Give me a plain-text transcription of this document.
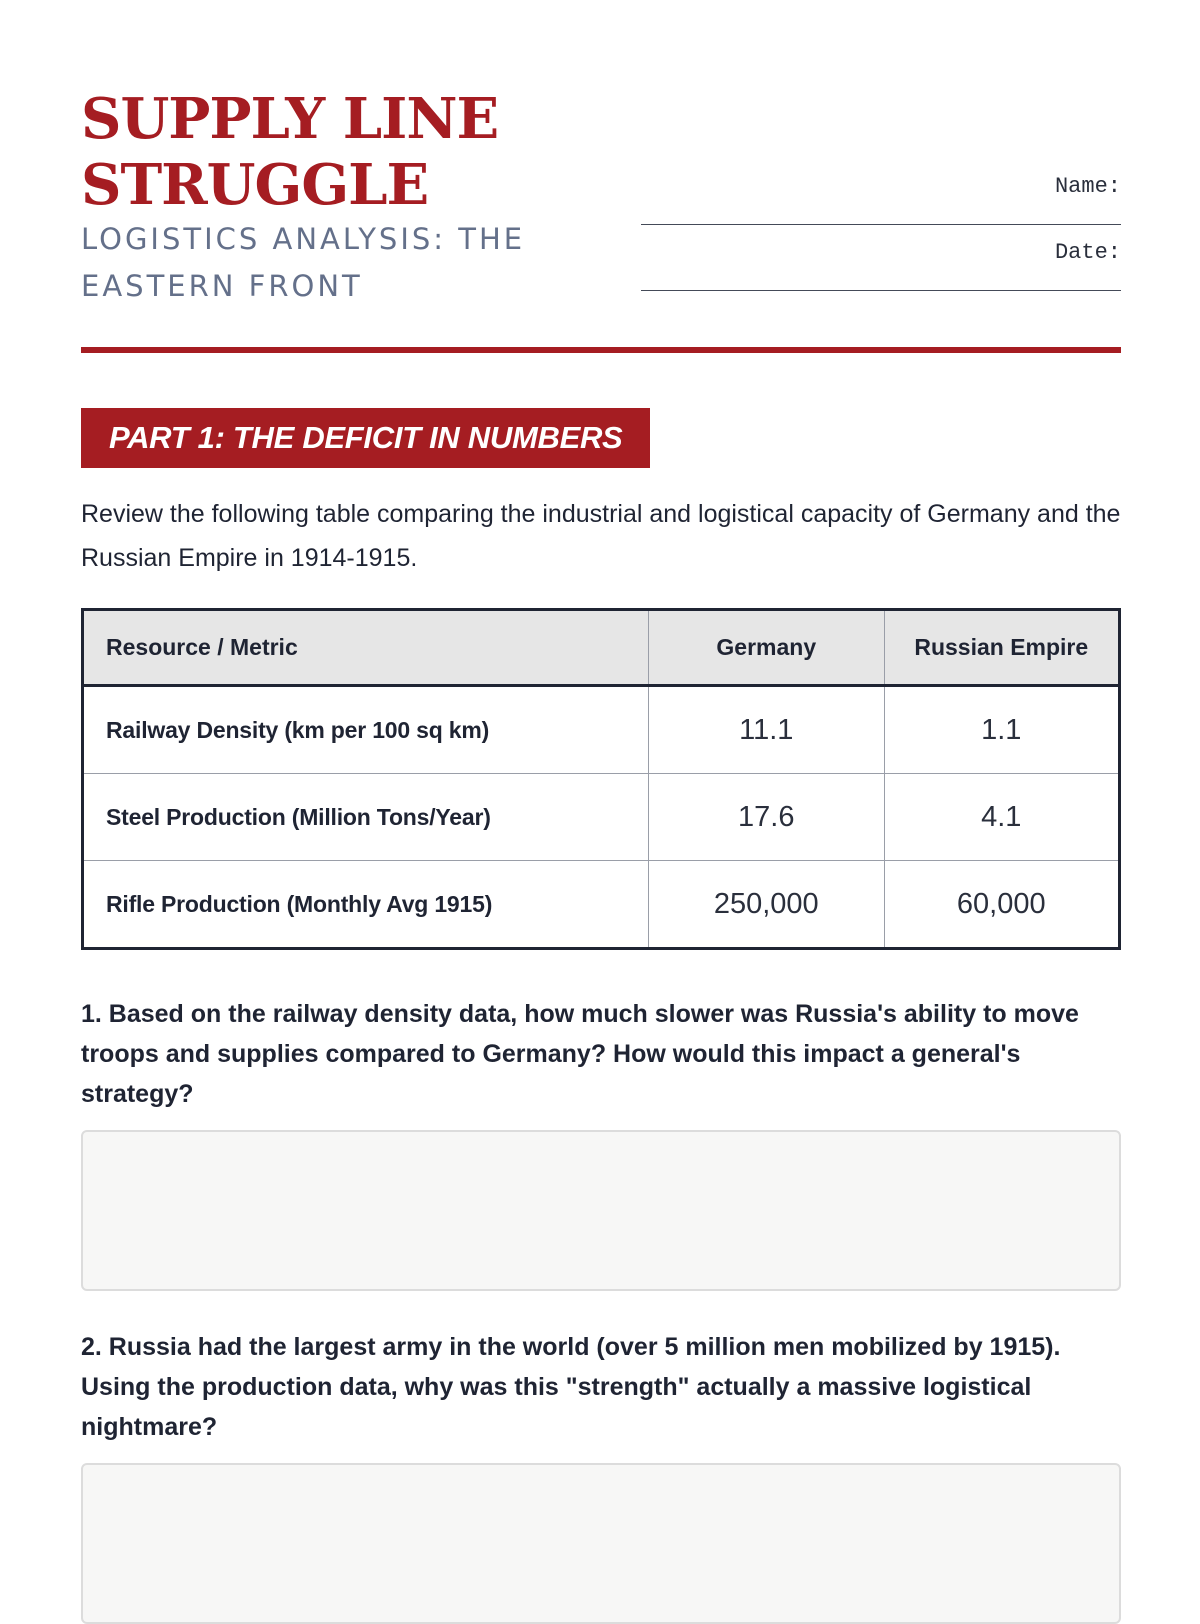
SUPPLY LINE
STRUGGLE
LOGISTICS ANALYSIS: THE EASTERN FRONT
Name:
Date:
PART 1: THE DEFICIT IN NUMBERS
Review the following table comparing the industrial and logistical capacity of Germany and the Russian Empire in 1914-1915.
Resource / Metric	Germany	Russian Empire
Railway Density (km per 100 sq km)	11.1	1.1
Steel Production (Million Tons/Year)	17.6	4.1
Rifle Production (Monthly Avg 1915)	250,000	60,000

1. Based on the railway density data, how much slower was Russia's ability to move troops and supplies compared to Germany? How would this impact a general's strategy?

2. Russia had the largest army in the world (over 5 million men mobilized by 1915). Using the production data, why was this "strength" actually a massive logistical nightmare?
